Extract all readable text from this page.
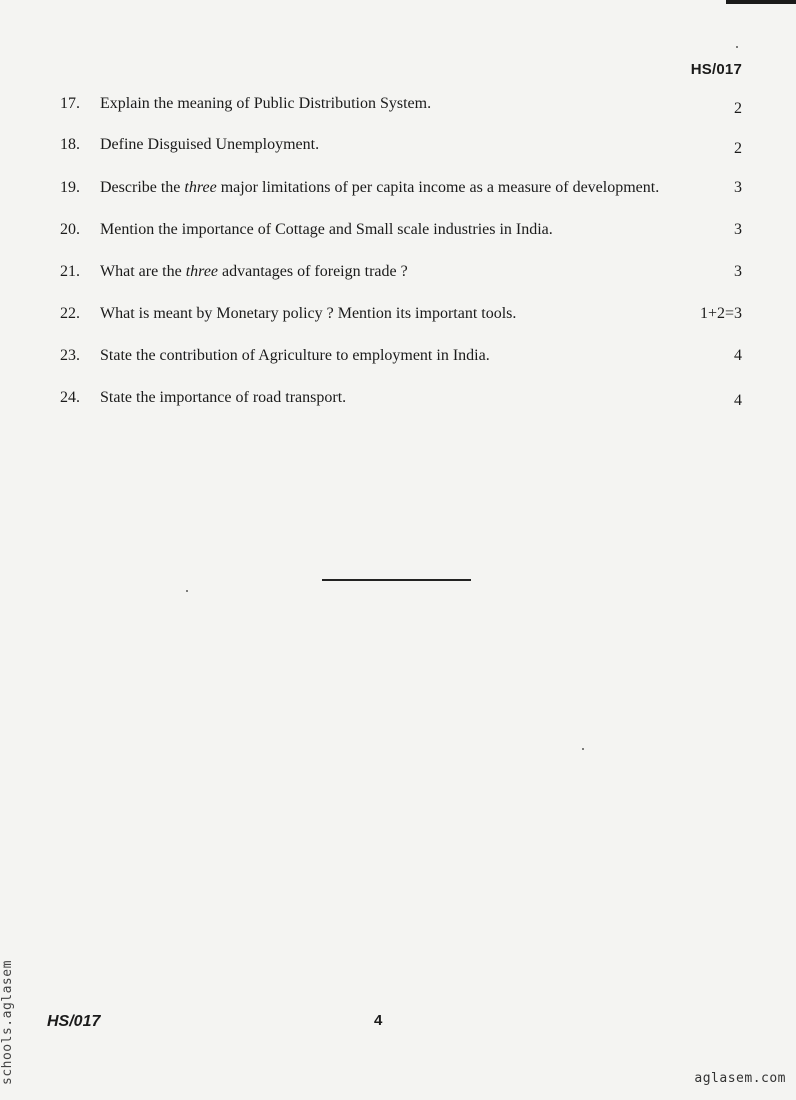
HS/017
17.	Explain the meaning of Public Distribution System.	2
18.	Define Disguised Unemployment.	2
19.	Describe the three major limitations of per capita income as a measure of development.	3
20.	Mention the importance of Cottage and Small scale industries in India.	3
21.	What are the three advantages of foreign trade ?	3
22.	What is meant by Monetary policy ? Mention its important tools.	1+2=3
23.	State the contribution of Agriculture to employment in India.	4
24.	State the importance of road transport.	4
HS/017	4
schools.aglasem	aglasem.com
